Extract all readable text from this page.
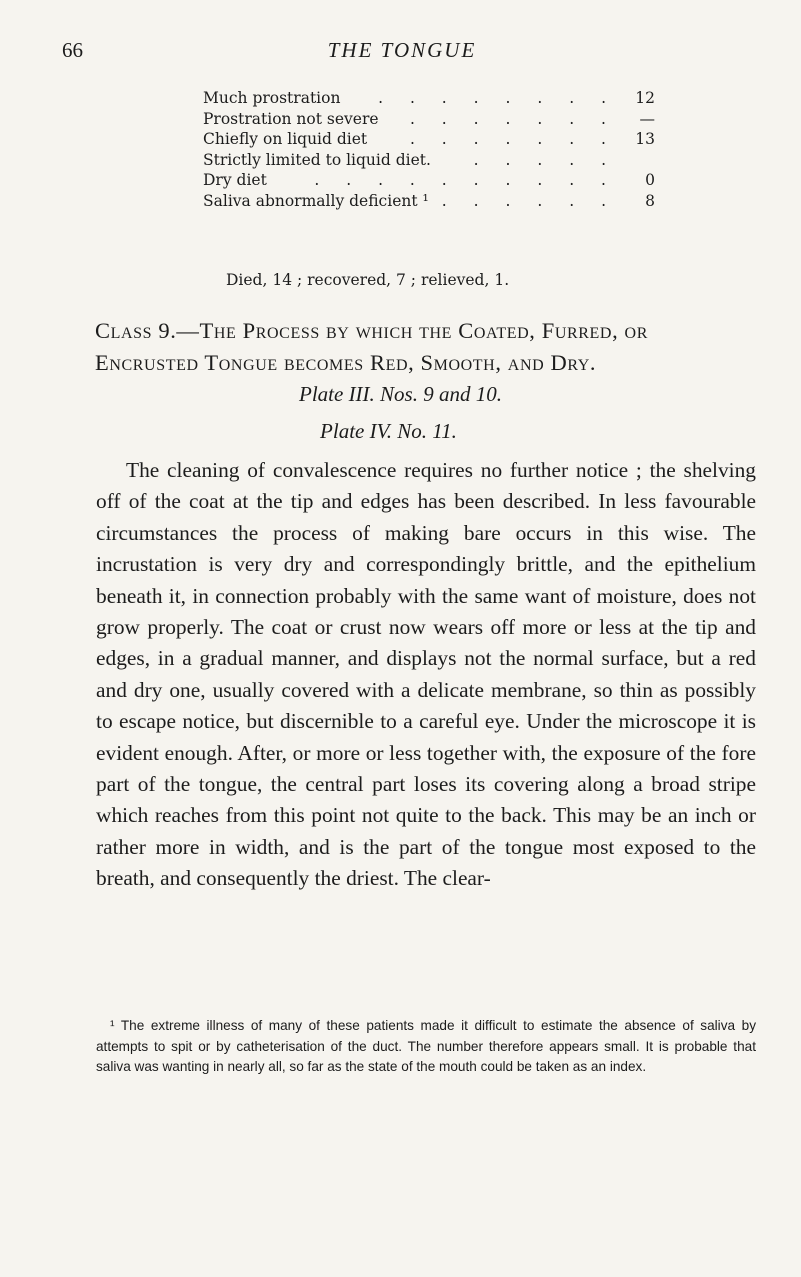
66	THE TONGUE
Much prostration . . . . . . . .	12
Prostration not severe . . . . . . .	—
Chiefly on liquid diet	. . . . . . .	13
Strictly limited to liquid diet.	. . . . .
Dry diet	. . . . . . . . . .	0
Saliva abnormally deficient ¹ . . . . . .	8
Died, 14 ; recovered, 7 ; relieved, 1.
Class 9.—The Process by which the Coated, Furred, or Encrusted Tongue becomes Red, Smooth, and Dry.
Plate III. Nos. 9 and 10.
Plate IV. No. 11.

The cleaning of convalescence requires no further notice ; the shelving off of the coat at the tip and edges has been described. In less favourable circumstances the process of making bare occurs in this wise. The incrustation is very dry and correspondingly brittle, and the epithelium beneath it, in connection probably with the same want of moisture, does not grow properly. The coat or crust now wears off more or less at the tip and edges, in a gradual manner, and displays not the normal surface, but a red and dry one, usually covered with a delicate membrane, so thin as possibly to escape notice, but discernible to a careful eye. Under the microscope it is evident enough. After, or more or less together with, the exposure of the fore part of the tongue, the central part loses its covering along a broad stripe which reaches from this point not quite to the back. This may be an inch or rather more in width, and is the part of the tongue most exposed to the breath, and consequently the driest. The clear-

¹ The extreme illness of many of these patients made it difficult to estimate the absence of saliva by attempts to spit or by catheterisation of the duct. The number therefore appears small. It is probable that saliva was wanting in nearly all, so far as the state of the mouth could be taken as an index.
